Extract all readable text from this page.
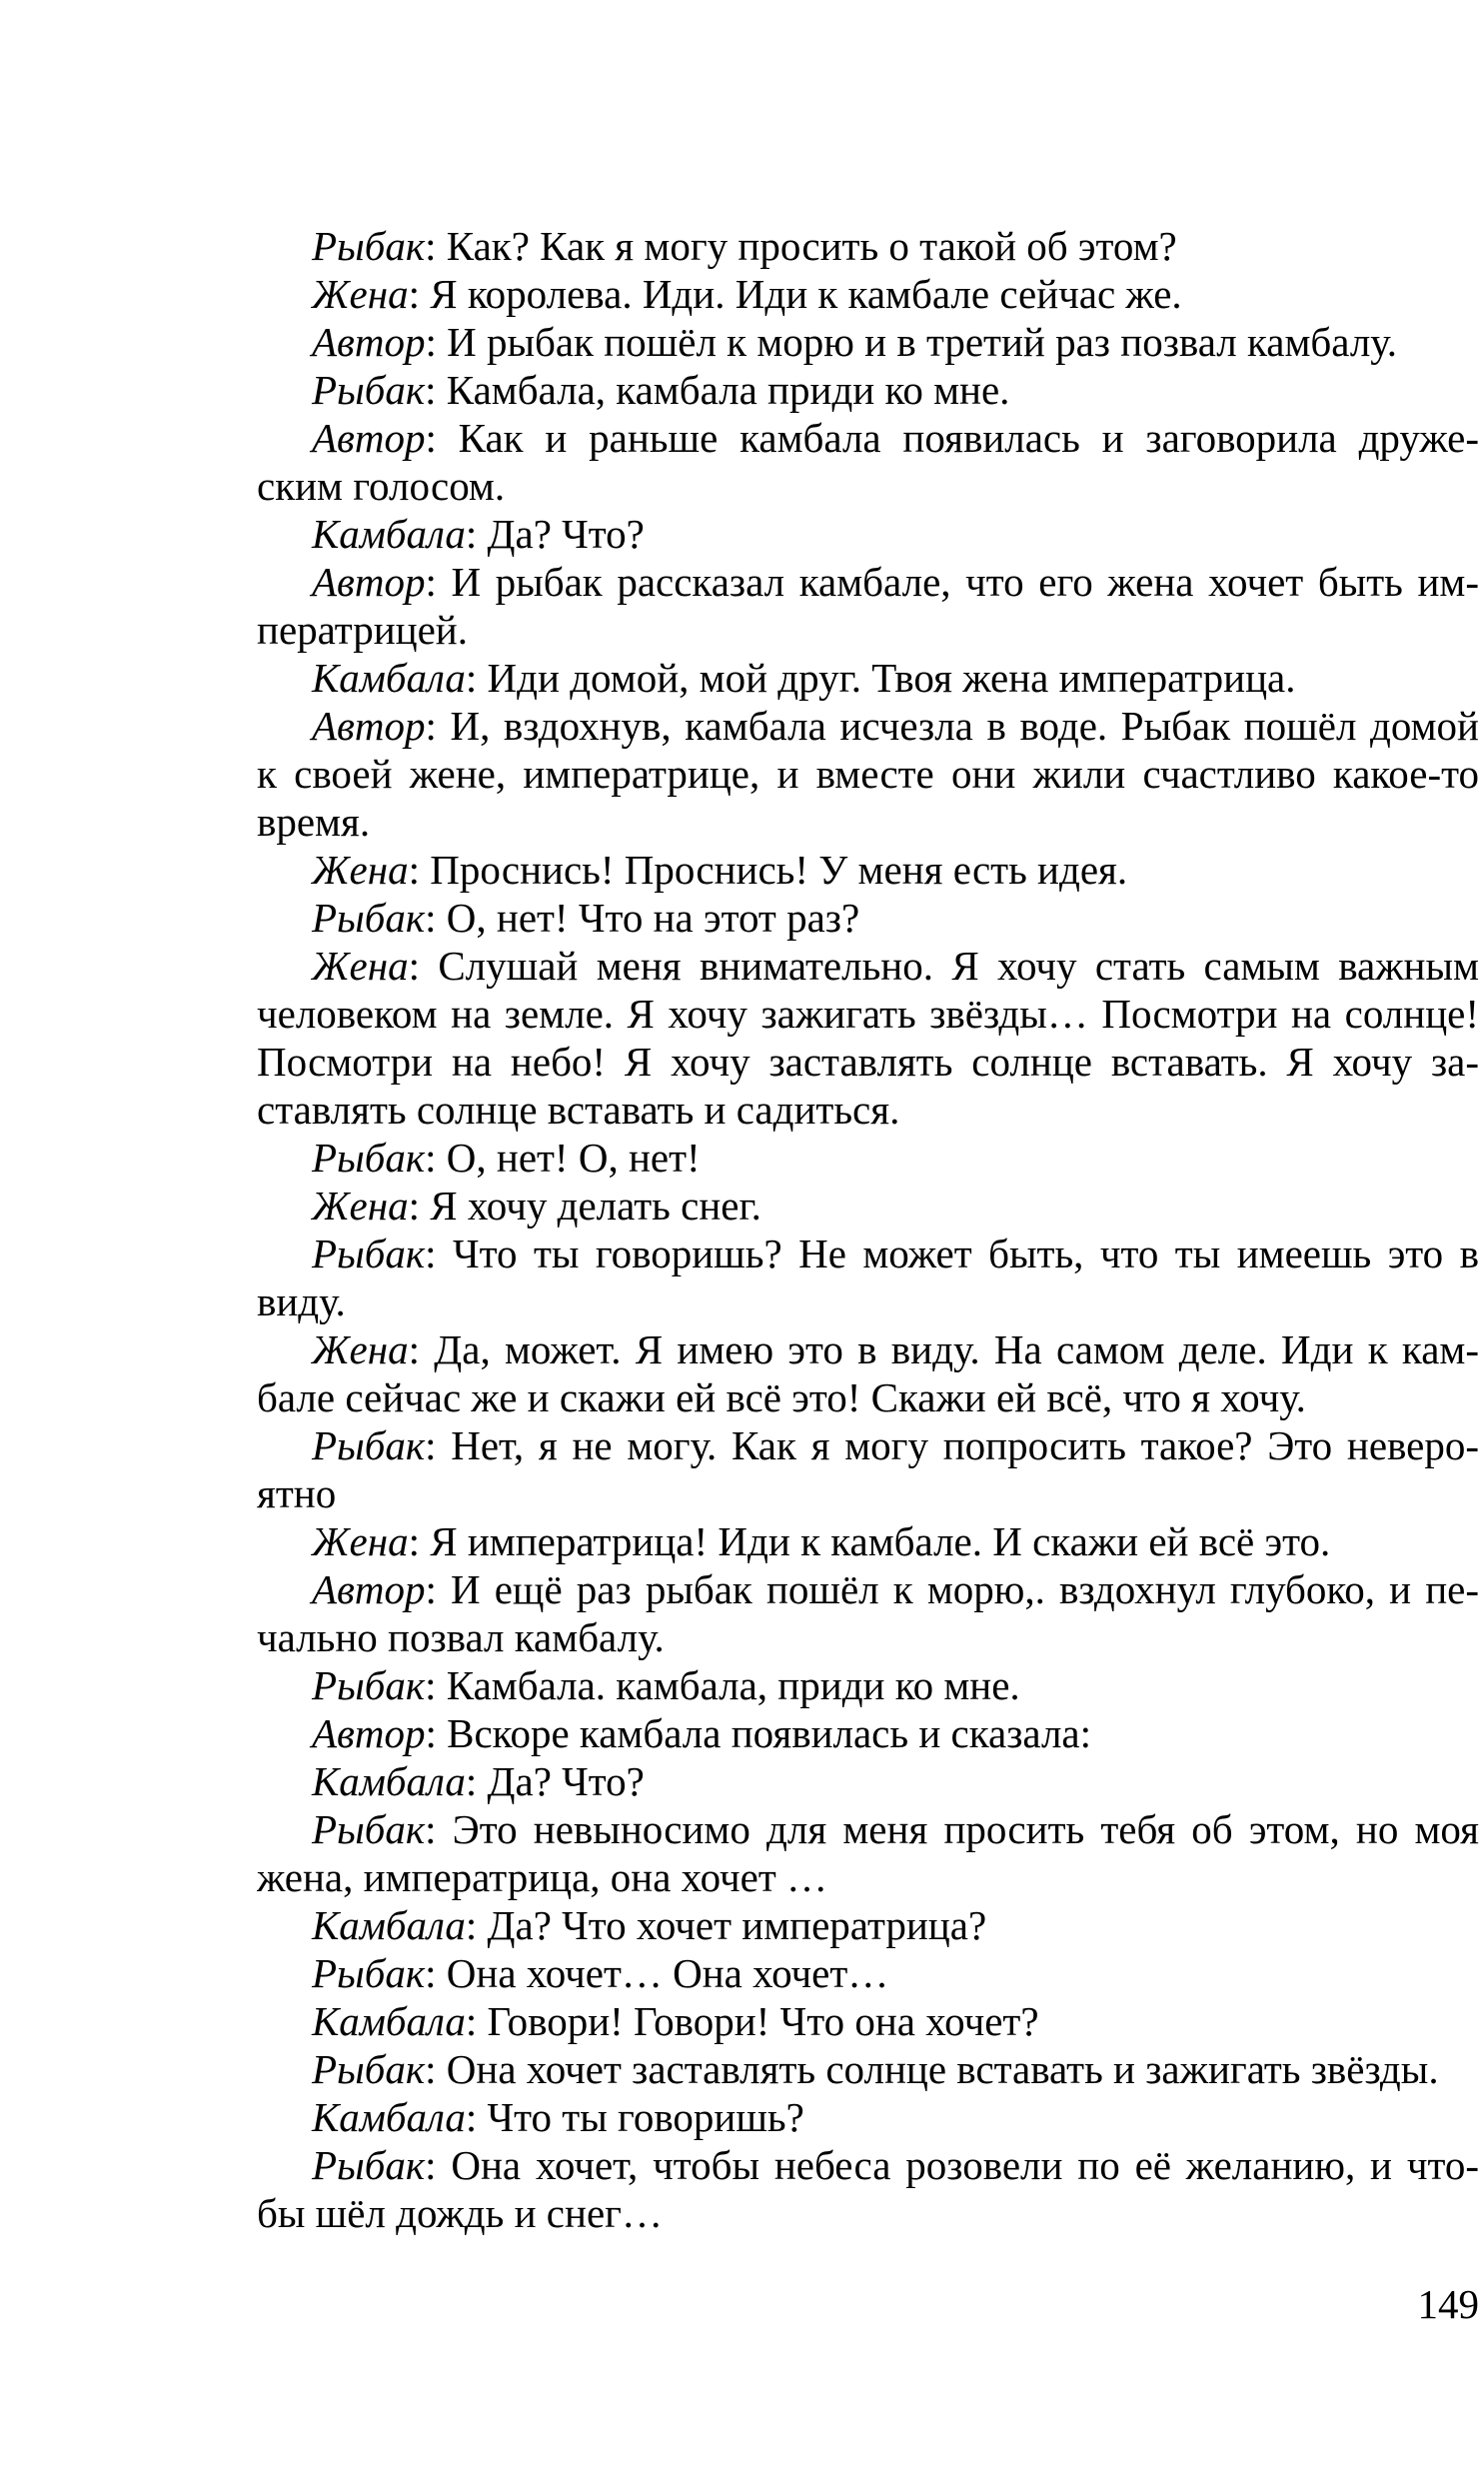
Рыбак: Как? Как я могу просить о такой об этом?
Жена: Я королева. Иди. Иди к камбале сейчас же.
Автор: И рыбак пошёл к морю и в третий раз позвал камбалу.
Рыбак: Камбала, камбала приди ко мне.
Автор: Как и раньше камбала появилась и заговорила друже-
ским голосом.
Камбала: Да? Что?
Автор: И рыбак рассказал камбале, что его жена хочет быть им-
ператрицей.
Камбала: Иди домой, мой друг. Твоя жена императрица.
Автор: И, вздохнув, камбала исчезла в воде. Рыбак пошёл домой
к своей жене, императрице, и вместе они жили счастливо какое-то
время.
Жена: Проснись! Проснись! У меня есть идея.
Рыбак: О, нет! Что на этот раз?
Жена: Слушай меня внимательно. Я хочу стать самым важным
человеком на земле. Я хочу зажигать звёзды… Посмотри на солнце!
Посмотри на небо! Я хочу заставлять солнце вставать. Я хочу за-
ставлять солнце вставать и садиться.
Рыбак: О, нет! О, нет!
Жена: Я хочу делать снег.
Рыбак: Что ты говоришь? Не может быть, что ты имеешь это в
виду.
Жена: Да, может. Я имею это в виду. На самом деле. Иди к кам-
бале сейчас же и скажи ей всё это! Скажи ей всё, что я хочу.
Рыбак: Нет, я не могу. Как я могу попросить такое? Это неверо-
ятно
Жена: Я императрица! Иди к камбале. И скажи ей всё это.
Автор: И ещё раз рыбак пошёл к морю,. вздохнул глубоко, и пе-
чально позвал камбалу.
Рыбак: Камбала. камбала, приди ко мне.
Автор: Вскоре камбала появилась и сказала:
Камбала: Да? Что?
Рыбак: Это невыносимо для меня просить тебя об этом, но моя
жена, императрица, она хочет …
Камбала: Да? Что хочет императрица?
Рыбак: Она хочет… Она хочет…
Камбала: Говори! Говори! Что она хочет?
Рыбак: Она хочет заставлять солнце вставать и зажигать звёзды.
Камбала: Что ты говоришь?
Рыбак: Она хочет, чтобы небеса розовели по её желанию, и что-
бы шёл дождь и снег…
149
